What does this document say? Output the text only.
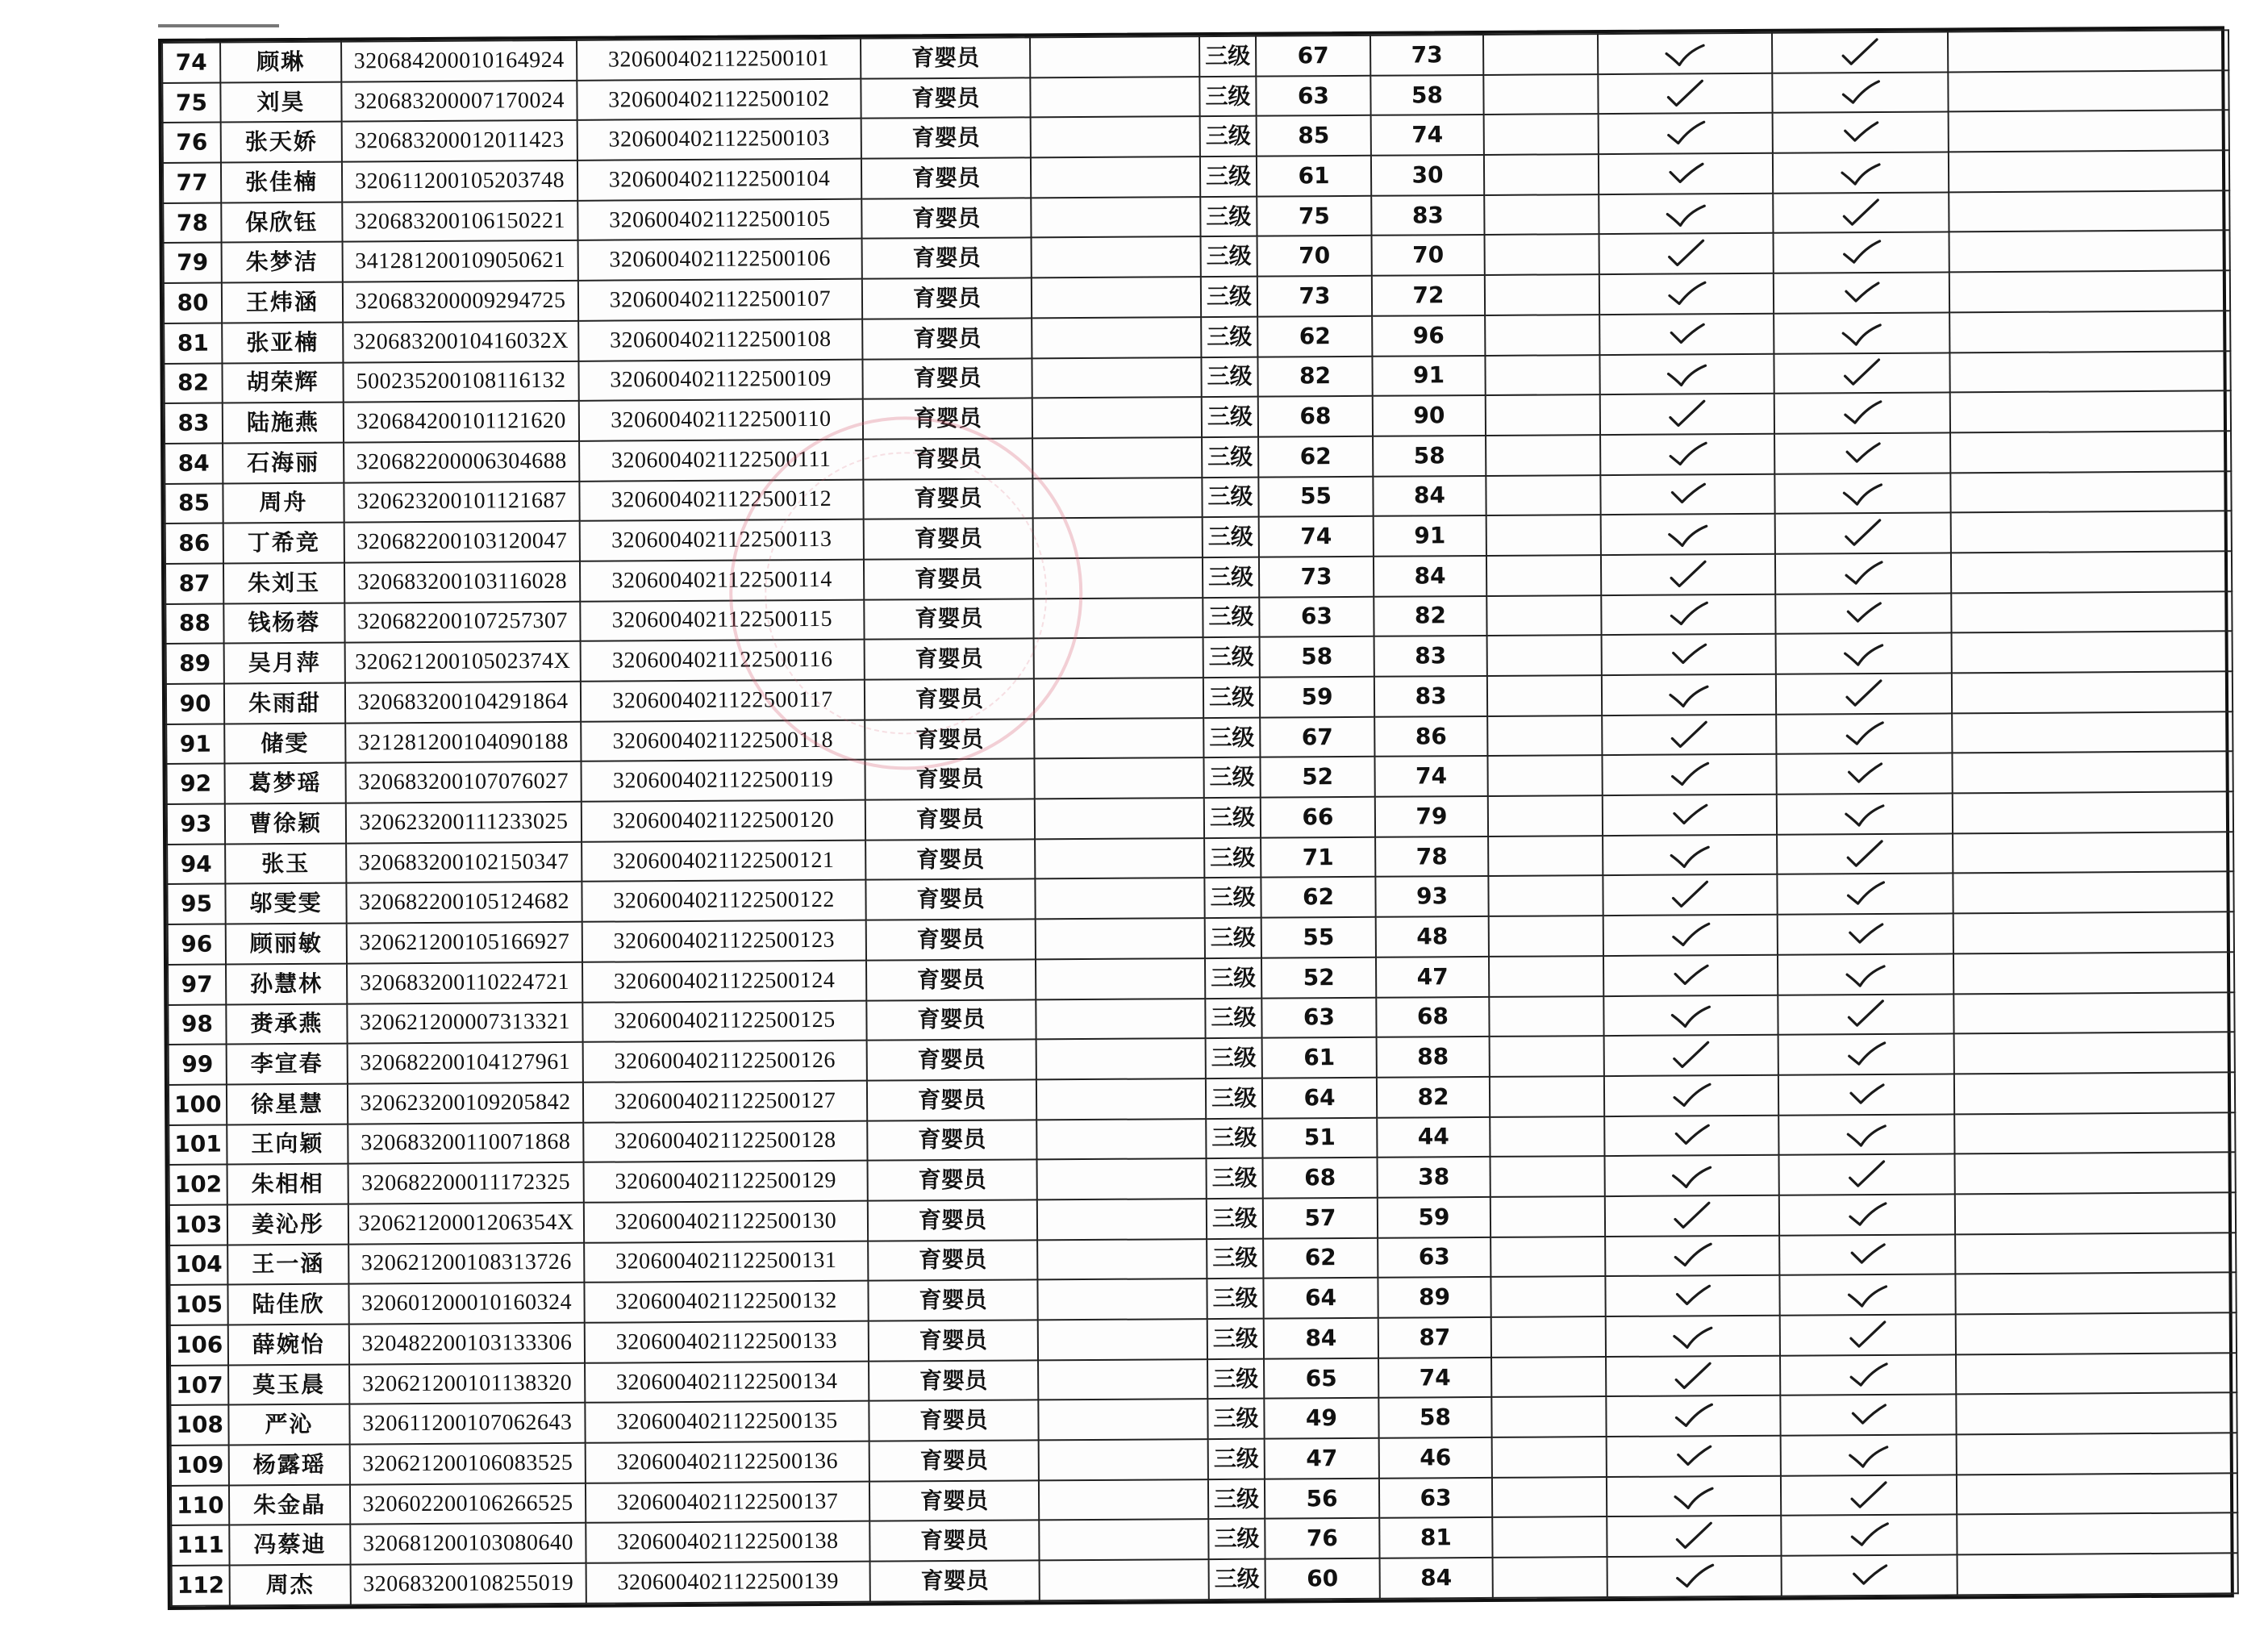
74	顾琳	320684200010164924	3206004021122500101	育婴员		三级	67	73				
75	刘昊	320683200007170024	3206004021122500102	育婴员		三级	63	58				
76	张天娇	320683200012011423	3206004021122500103	育婴员		三级	85	74				
77	张佳楠	320611200105203748	3206004021122500104	育婴员		三级	61	30				
78	保欣钰	320683200106150221	3206004021122500105	育婴员		三级	75	83				
79	朱梦洁	341281200109050621	3206004021122500106	育婴员		三级	70	70				
80	王炜涵	320683200009294725	3206004021122500107	育婴员		三级	73	72				
81	张亚楠	32068320010416032X	3206004021122500108	育婴员		三级	62	96				
82	胡荣辉	500235200108116132	3206004021122500109	育婴员		三级	82	91				
83	陆施燕	320684200101121620	3206004021122500110	育婴员		三级	68	90				
84	石海丽	320682200006304688	3206004021122500111	育婴员		三级	62	58				
85	周舟	320623200101121687	3206004021122500112	育婴员		三级	55	84				
86	丁希竞	320682200103120047	3206004021122500113	育婴员		三级	74	91				
87	朱刘玉	320683200103116028	3206004021122500114	育婴员		三级	73	84				
88	钱杨蓉	320682200107257307	3206004021122500115	育婴员		三级	63	82				
89	吴月萍	32062120010502374X	3206004021122500116	育婴员		三级	58	83				
90	朱雨甜	320683200104291864	3206004021122500117	育婴员		三级	59	83				
91	储雯	321281200104090188	3206004021122500118	育婴员		三级	67	86				
92	葛梦瑶	320683200107076027	3206004021122500119	育婴员		三级	52	74				
93	曹徐颖	320623200111233025	3206004021122500120	育婴员		三级	66	79				
94	张玉	320683200102150347	3206004021122500121	育婴员		三级	71	78				
95	邬雯雯	320682200105124682	3206004021122500122	育婴员		三级	62	93				
96	顾丽敏	320621200105166927	3206004021122500123	育婴员		三级	55	48				
97	孙慧林	320683200110224721	3206004021122500124	育婴员		三级	52	47				
98	赉承燕	320621200007313321	3206004021122500125	育婴员		三级	63	68				
99	李宣春	320682200104127961	3206004021122500126	育婴员		三级	61	88				
100	徐星慧	320623200109205842	3206004021122500127	育婴员		三级	64	82				
101	王向颖	320683200110071868	3206004021122500128	育婴员		三级	51	44				
102	朱相相	320682200011172325	3206004021122500129	育婴员		三级	68	38				
103	姜沁彤	32062120001206354X	3206004021122500130	育婴员		三级	57	59				
104	王一涵	320621200108313726	3206004021122500131	育婴员		三级	62	63				
105	陆佳欣	320601200010160324	3206004021122500132	育婴员		三级	64	89				
106	薛婉怡	320482200103133306	3206004021122500133	育婴员		三级	84	87				
107	莫玉晨	320621200101138320	3206004021122500134	育婴员		三级	65	74				
108	严沁	320611200107062643	3206004021122500135	育婴员		三级	49	58				
109	杨露瑶	320621200106083525	3206004021122500136	育婴员		三级	47	46				
110	朱金晶	320602200106266525	3206004021122500137	育婴员		三级	56	63				
111	冯蔡迪	320681200103080640	3206004021122500138	育婴员		三级	76	81				
112	周杰	320683200108255019	3206004021122500139	育婴员		三级	60	84				
